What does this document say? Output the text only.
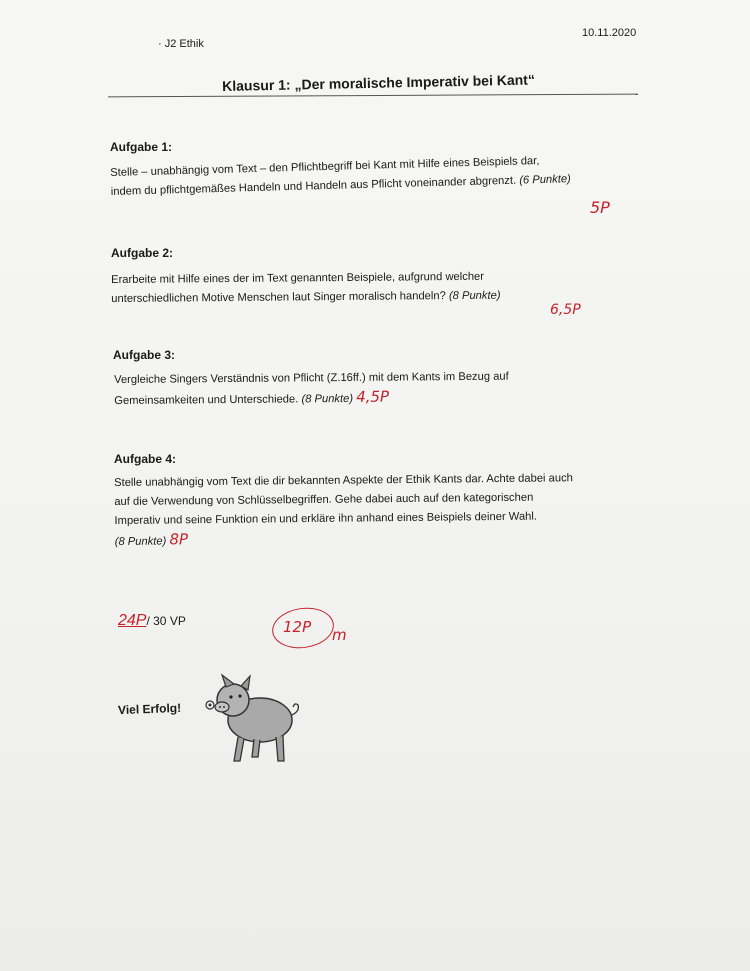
· J2 Ethik
10.11.2020
Klausur 1: „Der moralische Imperativ bei Kant“
Aufgabe 1:
Stelle – unabhängig vom Text – den Pflichtbegriff bei Kant mit Hilfe eines Beispiels dar,
indem du pflichtgemäßes Handeln und Handeln aus Pflicht voneinander abgrenzt. (6 Punkte)
5P
Aufgabe 2:
Erarbeite mit Hilfe eines der im Text genannten Beispiele, aufgrund welcher
unterschiedlichen Motive Menschen laut Singer moralisch handeln? (8 Punkte)
6,5P
Aufgabe 3:
Vergleiche Singers Verständnis von Pflicht (Z.16ff.) mit dem Kants im Bezug auf
Gemeinsamkeiten und Unterschiede. (8 Punkte) 4,5P
Aufgabe 4:
Stelle unabhängig vom Text die dir bekannten Aspekte der Ethik Kants dar. Achte dabei auch
auf die Verwendung von Schlüsselbegriffen. Gehe dabei auch auf den kategorischen
Imperativ und seine Funktion ein und erkläre ihn anhand eines Beispiels deiner Wahl.
(8 Punkte) 8P
24P/ 30 VP	12P m
Viel Erfolg!
